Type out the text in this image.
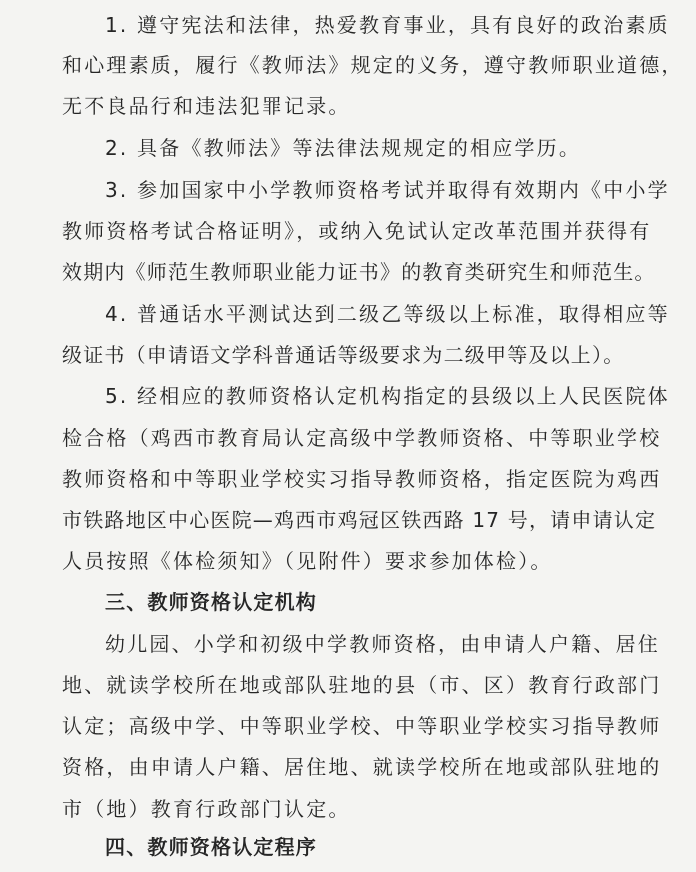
1. 遵守宪法和法律，热爱教育事业，具有良好的政治素质
和心理素质，履行《教师法》规定的义务，遵守教师职业道德，
无不良品行和违法犯罪记录。
2. 具备《教师法》等法律法规规定的相应学历。
3. 参加国家中小学教师资格考试并取得有效期内《中小学
教师资格考试合格证明》，或纳入免试认定改革范围并获得有
效期内《师范生教师职业能力证书》的教育类研究生和师范生。
4. 普通话水平测试达到二级乙等级以上标准，取得相应等
级证书（申请语文学科普通话等级要求为二级甲等及以上）。
5. 经相应的教师资格认定机构指定的县级以上人民医院体
检合格（鸡西市教育局认定高级中学教师资格、中等职业学校
教师资格和中等职业学校实习指导教师资格，指定医院为鸡西
市铁路地区中心医院—鸡西市鸡冠区铁西路 17 号，请申请认定
人员按照《体检须知》（见附件）要求参加体检）。
三、教师资格认定机构
幼儿园、小学和初级中学教师资格，由申请人户籍、居住
地、就读学校所在地或部队驻地的县（市、区）教育行政部门
认定；高级中学、中等职业学校、中等职业学校实习指导教师
资格，由申请人户籍、居住地、就读学校所在地或部队驻地的
市（地）教育行政部门认定。
四、教师资格认定程序
